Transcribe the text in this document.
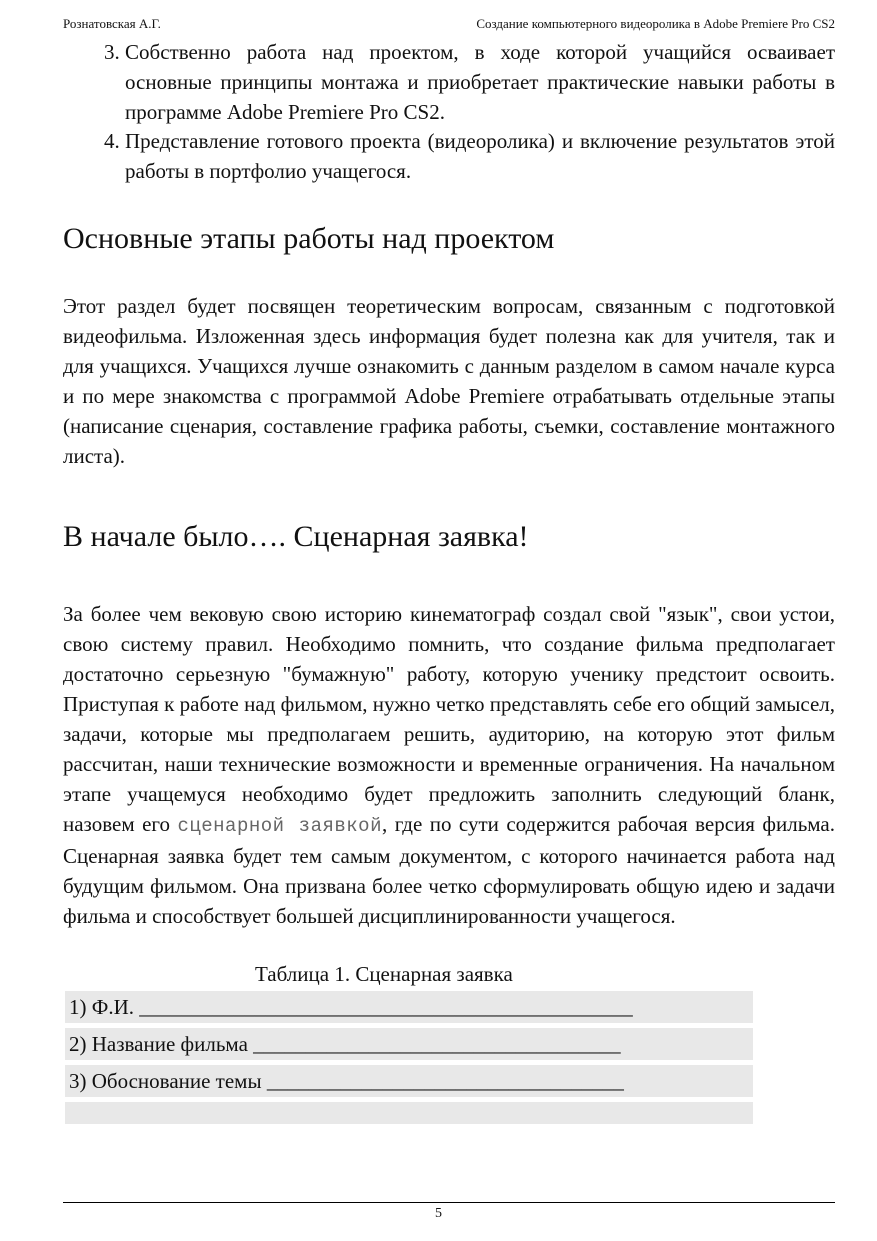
Рознатовская А.Г.	Создание компьютерного видеоролика в Adobe Premiere Pro CS2
3. Собственно работа над проектом, в ходе которой учащийся осваивает основные принципы монтажа и приобретает практические навыки работы в программе Adobe Premiere Pro CS2.
4. Представление готового проекта (видеоролика) и включение результатов этой работы в портфолио учащегося.
Основные этапы работы над проектом

Этот раздел будет посвящен теоретическим вопросам, связанным с подготовкой видеофильма. Изложенная здесь информация будет полезна как для учителя, так и для учащихся. Учащихся лучше ознакомить с данным разделом в самом начале курса и по мере знакомства с программой Adobe Premiere отрабатывать отдельные этапы (написание сценария, составление графика работы, съемки, составление монтажного листа).

В начале было…. Сценарная заявка!

За более чем вековую свою историю кинематограф создал свой "язык", свои устои, свою систему правил. Необходимо помнить, что создание фильма предполагает достаточно серьезную "бумажную" работу, которую ученику предстоит освоить. Приступая к работе над фильмом, нужно четко представлять себе его общий замысел, задачи, которые мы предполагаем решить, аудиторию, на которую этот фильм рассчитан, наши технические возможности и временные ограничения. На начальном этапе учащемуся необходимо будет предложить заполнить следующий бланк, назовем его сценарной заявкой, где по сути содержится рабочая версия фильма. Сценарная заявка будет тем самым документом, с которого начинается работа над будущим фильмом. Она призвана более четко сформулировать общую идею и задачи фильма и способствует большей дисциплинированности учащегося.

Таблица 1. Сценарная заявка
1) Ф.И. _______________________________________________
2) Название фильма ___________________________________
3) Обоснование темы __________________________________
5
